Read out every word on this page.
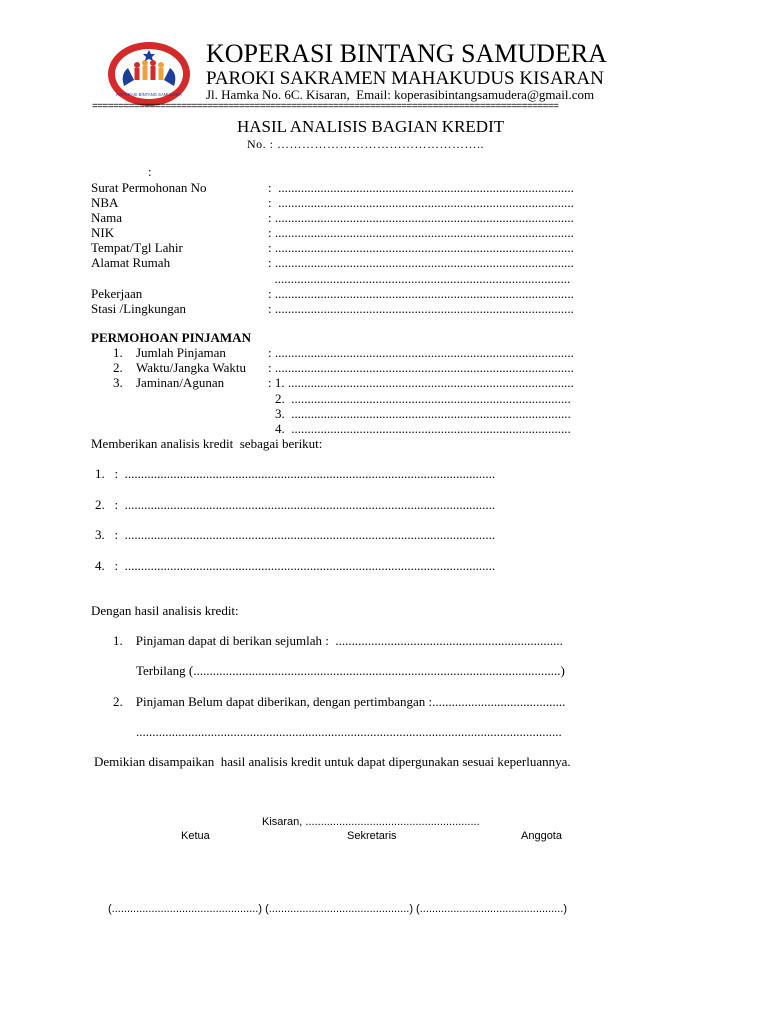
KOPERASI BINTANG SAMUDERA
KOPERASI BINTANG SAMUDERA
PAROKI SAKRAMEN MAHAKUDUS KISARAN
Jl. Hamka No. 6C. Kisaran,  Email: koperasibintangsamudera@gmail.com
=========================================================================================
HASIL ANALISIS BAGIAN KREDIT
No. : …………………………………………..
:
Surat Permohonan No	:  ...........................................................................................
NBA	:  ...........................................................................................
Nama	: ............................................................................................
NIK	: ............................................................................................
Tempat/Tgl Lahir	: ............................................................................................
Alamat Rumah	: ............................................................................................
...........................................................................................
Pekerjaan	: ............................................................................................
Stasi /Lingkungan	: ............................................................................................
PERMOHOAN PINJAMAN
1. Jumlah Pinjaman	: ............................................................................................
2. Waktu/Jangka Waktu : ............................................................................................
3. Jaminan/Agunan	: 1. ........................................................................................
2.  ......................................................................................
3.  ......................................................................................
4.  ......................................................................................
Memberikan analisis kredit  sebagai berikut:
1.   :  ..................................................................................................................
2.   :  ..................................................................................................................
3.   :  ..................................................................................................................
4.   :  ..................................................................................................................
Dengan hasil analisis kredit:
1.    Pinjaman dapat di berikan sejumlah :  ......................................................................
Terbilang (.................................................................................................................)
2.    Pinjaman Belum dapat diberikan, dengan pertimbangan :.........................................
...................................................................................................................................
Demikian disampaikan  hasil analisis kredit untuk dapat dipergunakan sesuai keperluannya.
Kisaran, .........................................................
Ketua	Sekretaris	Anggota
(................................................) (..............................................) (...............................................)
